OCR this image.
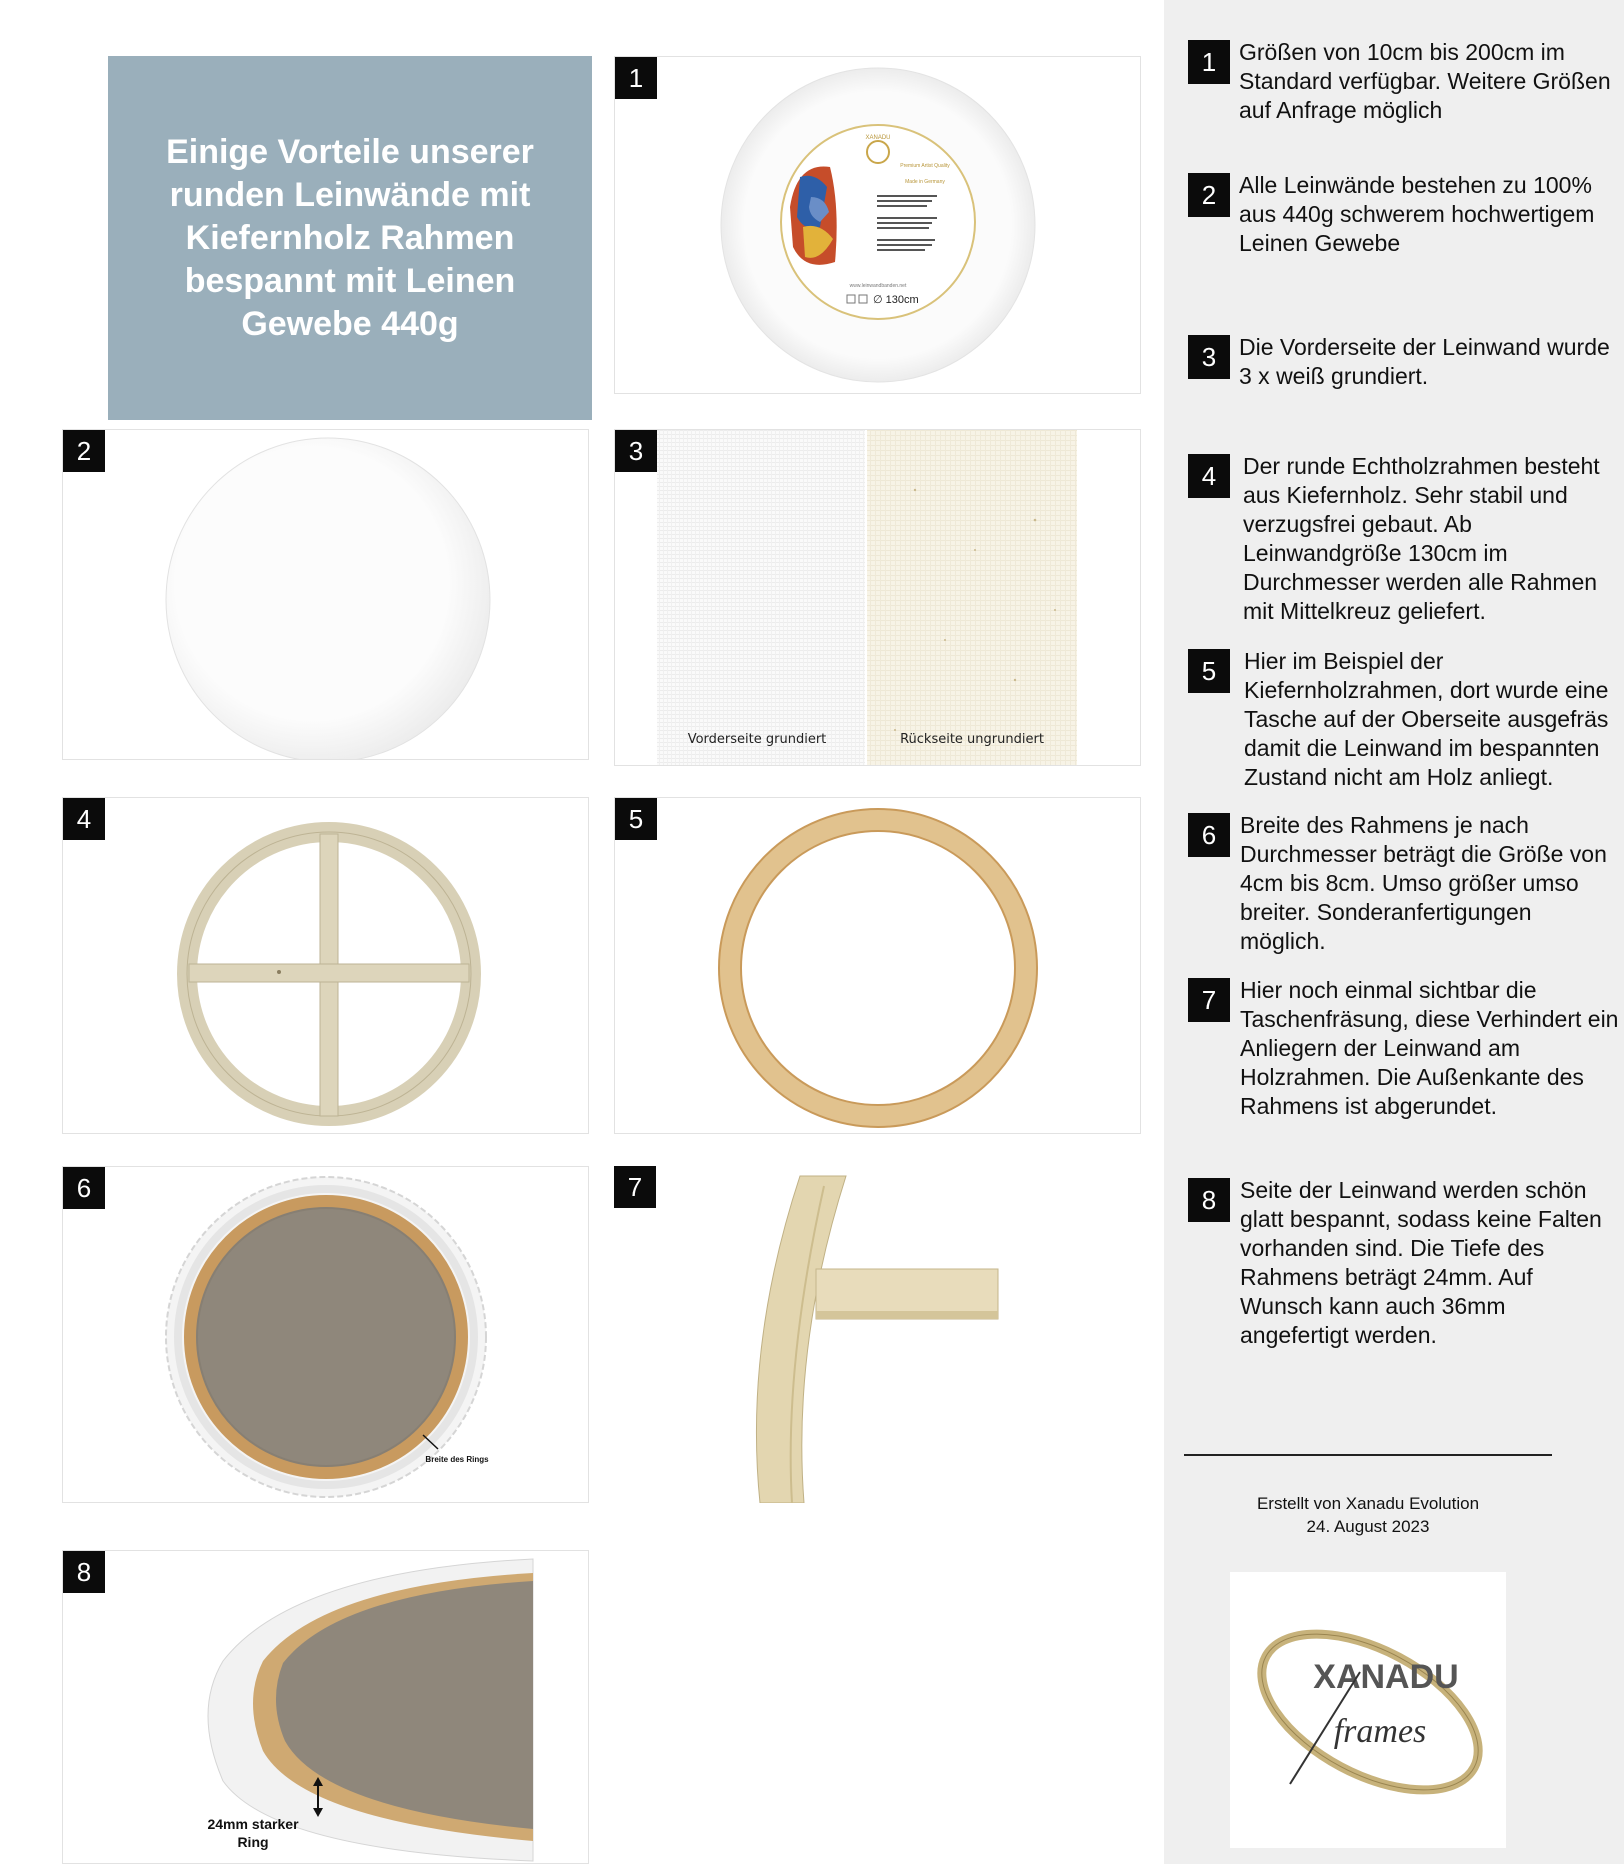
Einige Vorteile unserer runden Leinwände mit Kiefernholz Rahmen bespannt mit Leinen Gewebe 440g
XANADU
Premium Artist Quality
Made in Germany
www.leinwandbanden.net
∅ 130cm
1
2
Vorderseite grundiert	Rückseite ungrundiert
3
4	5
Breite des Rings
6	7
24mm starker Ring
8
1 Größen von 10cm bis 200cm im Standard verfügbar. Weitere Größen auf Anfrage möglich
2 Alle Leinwände bestehen zu 100% aus 440g schwerem hochwertigem Leinen Gewebe
3 Die Vorderseite der Leinwand wurde 3 x weiß grundiert.
4	Der runde Echtholzrahmen besteht aus Kiefernholz. Sehr stabil und verzugsfrei gebaut. Ab Leinwandgröße 130cm im Durchmesser werden alle Rahmen mit Mittelkreuz geliefert.
5	Hier im Beispiel der Kiefernholzrahmen, dort wurde eine Tasche auf der Oberseite ausgefräs damit die Leinwand im bespannten Zustand nicht am Holz anliegt.
6	Breite des Rahmens je nach Durchmesser beträgt die Größe von 4cm bis 8cm. Umso größer umso breiter. Sonderanfertigungen möglich.
7	Hier noch einmal sichtbar die Taschenfräsung, diese Verhindert ein Anliegern der Leinwand am Holzrahmen. Die Außenkante des Rahmens ist abgerundet.
8	Seite der Leinwand werden schön glatt bespannt, sodass keine Falten vorhanden sind. Die Tiefe des Rahmens beträgt 24mm. Auf Wunsch kann auch 36mm angefertigt werden.
Erstellt von Xanadu Evolution
24. August 2023
XANADU
frames
